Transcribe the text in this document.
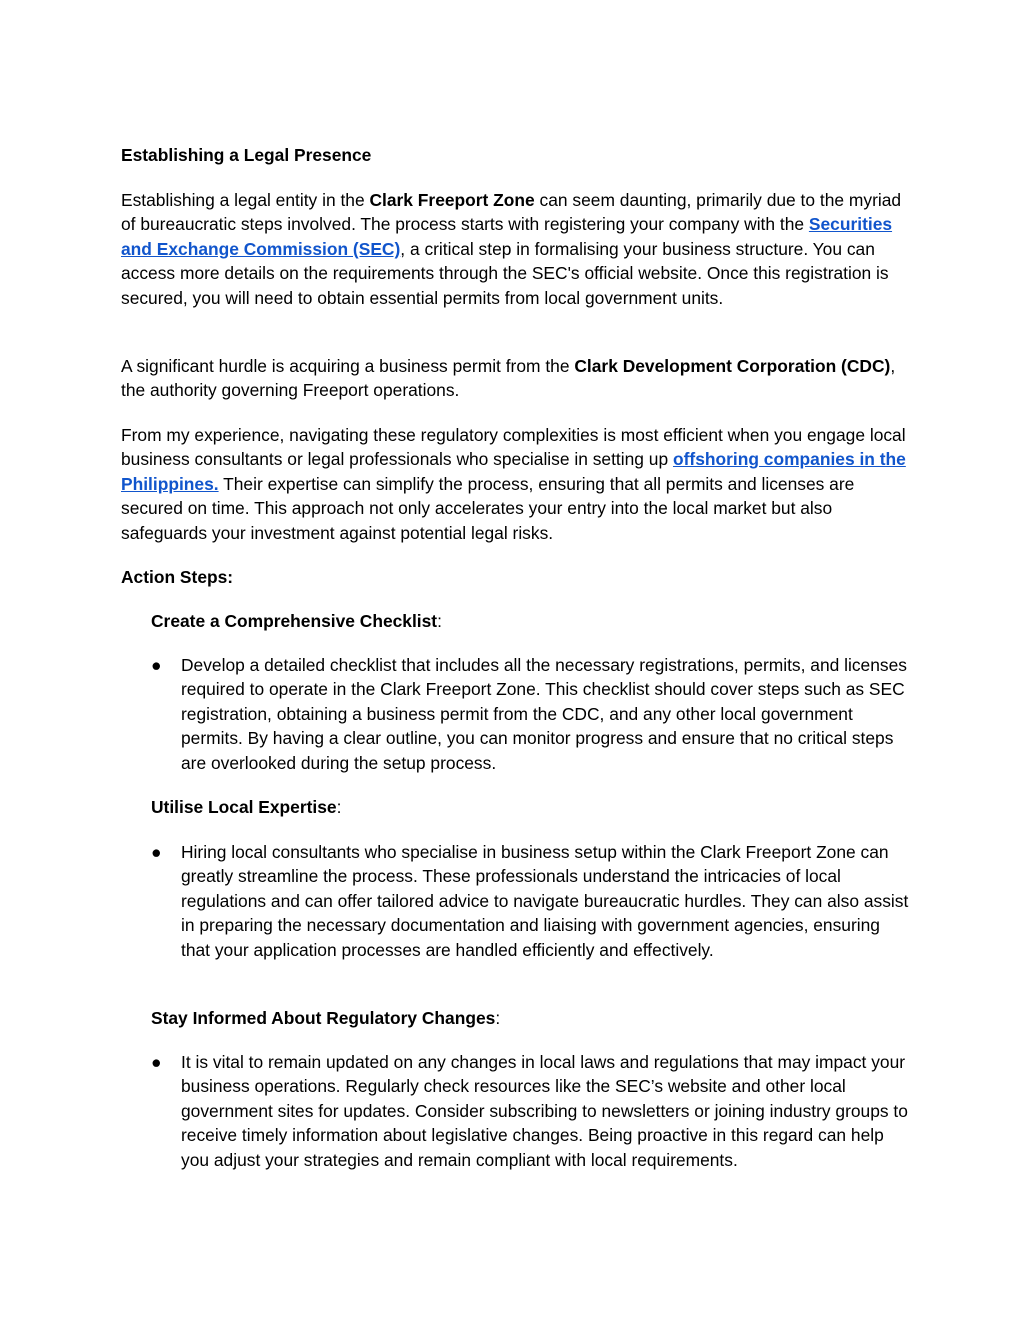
Establishing a Legal Presence

Establishing a legal entity in the Clark Freeport Zone can seem daunting, primarily due to the myriad of bureaucratic steps involved. The process starts with registering your company with the Securities and Exchange Commission (SEC), a critical step in formalising your business structure. You can access more details on the requirements through the SEC's official website. Once this registration is secured, you will need to obtain essential permits from local government units.

A significant hurdle is acquiring a business permit from the Clark Development Corporation (CDC), the authority governing Freeport operations.

From my experience, navigating these regulatory complexities is most efficient when you engage local business consultants or legal professionals who specialise in setting up offshoring companies in the Philippines. Their expertise can simplify the process, ensuring that all permits and licenses are secured on time. This approach not only accelerates your entry into the local market but also safeguards your investment against potential legal risks.

Action Steps:

Create a Comprehensive Checklist:

●	Develop a detailed checklist that includes all the necessary registrations, permits, and licenses required to operate in the Clark Freeport Zone. This checklist should cover steps such as SEC registration, obtaining a business permit from the CDC, and any other local government permits. By having a clear outline, you can monitor progress and ensure that no critical steps are overlooked during the setup process.

Utilise Local Expertise:

●	Hiring local consultants who specialise in business setup within the Clark Freeport Zone can greatly streamline the process. These professionals understand the intricacies of local regulations and can offer tailored advice to navigate bureaucratic hurdles. They can also assist in preparing the necessary documentation and liaising with government agencies, ensuring that your application processes are handled efficiently and effectively.

Stay Informed About Regulatory Changes:

●	It is vital to remain updated on any changes in local laws and regulations that may impact your business operations. Regularly check resources like the SEC’s website and other local government sites for updates. Consider subscribing to newsletters or joining industry groups to receive timely information about legislative changes. Being proactive in this regard can help you adjust your strategies and remain compliant with local requirements.
